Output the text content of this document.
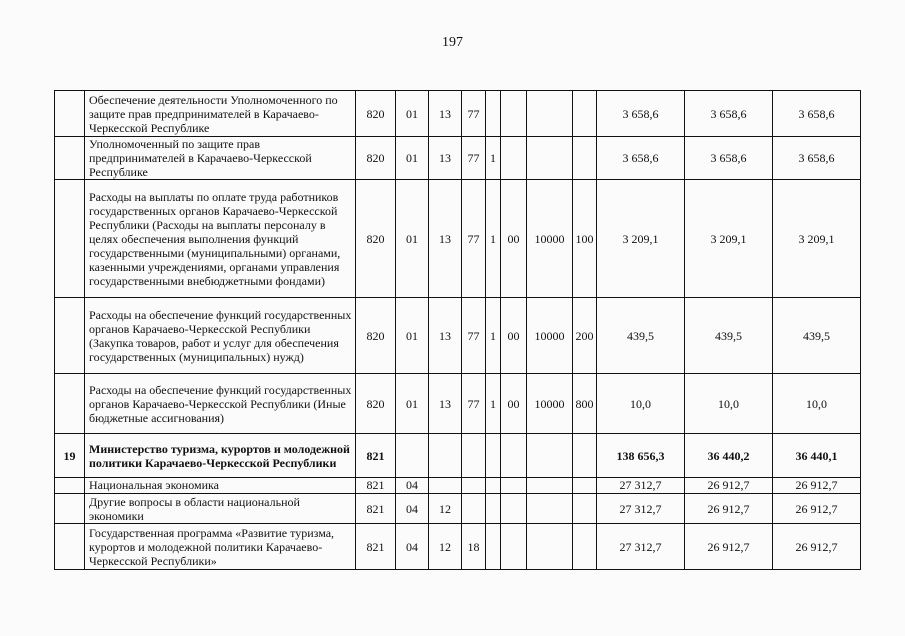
197
	Обеспечение деятельности Уполномоченного по защите прав предпринимателей в Карачаево-Черкесской Республике	820	01	13	77					3 658,6	3 658,6	3 658,6
	Уполномоченный по защите прав предпринимателей в Карачаево-Черкесской Республике	820	01	13	77	1				3 658,6	3 658,6	3 658,6
	Расходы на выплаты по оплате труда работников государственных органов Карачаево-Черкесской Республики (Расходы на выплаты персоналу в целях обеспечения выполнения функций государственными (муниципальными) органами, казенными учреждениями, органами управления государственными внебюджетными фондами)	820	01	13	77	1	00	10000	100	3 209,1	3 209,1	3 209,1
	Расходы на обеспечение функций государственных органов Карачаево-Черкесской Республики (Закупка товаров, работ и услуг для обеспечения государственных (муниципальных) нужд)	820	01	13	77	1	00	10000	200	439,5	439,5	439,5
	Расходы на обеспечение функций государственных органов Карачаево-Черкесской Республики (Иные бюджетные ассигнования)	820	01	13	77	1	00	10000	800	10,0	10,0	10,0
19	Министерство туризма, курортов и молодежной политики Карачаево-Черкесской Республики	821								138 656,3	36 440,2	36 440,1
	Национальная экономика	821	04							27 312,7	26 912,7	26 912,7
	Другие вопросы в области национальной экономики	821	04	12						27 312,7	26 912,7	26 912,7
	Государственная программа «Развитие туризма, курортов и молодежной политики Карачаево-Черкесской Республики»	821	04	12	18					27 312,7	26 912,7	26 912,7
